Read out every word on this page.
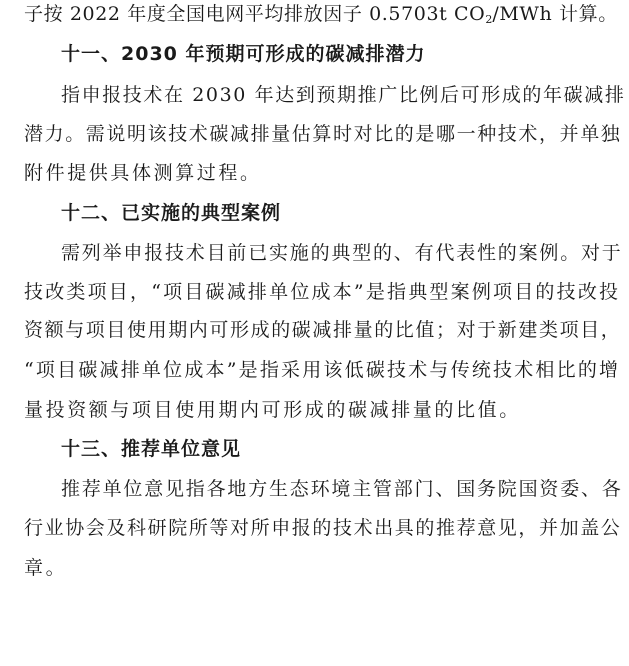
子按 2022 年度全国电网平均排放因子 0.5703t $CO_2$/MWh 计算。
十一、2030 年预期可形成的碳减排潜力
指申报技术在 2030 年达到预期推广比例后可形成的年碳减排
潜力。需说明该技术碳减排量估算时对比的是哪一种技术，并单独
附件提供具体测算过程。
十二、已实施的典型案例
需列举申报技术目前已实施的典型的、有代表性的案例。对于
技改类项目，“项目碳减排单位成本”是指典型案例项目的技改投
资额与项目使用期内可形成的碳减排量的比值；对于新建类项目，
“项目碳减排单位成本”是指采用该低碳技术与传统技术相比的增
量投资额与项目使用期内可形成的碳减排量的比值。
十三、推荐单位意见
推荐单位意见指各地方生态环境主管部门、国务院国资委、各
行业协会及科研院所等对所申报的技术出具的推荐意见，并加盖公
章。
